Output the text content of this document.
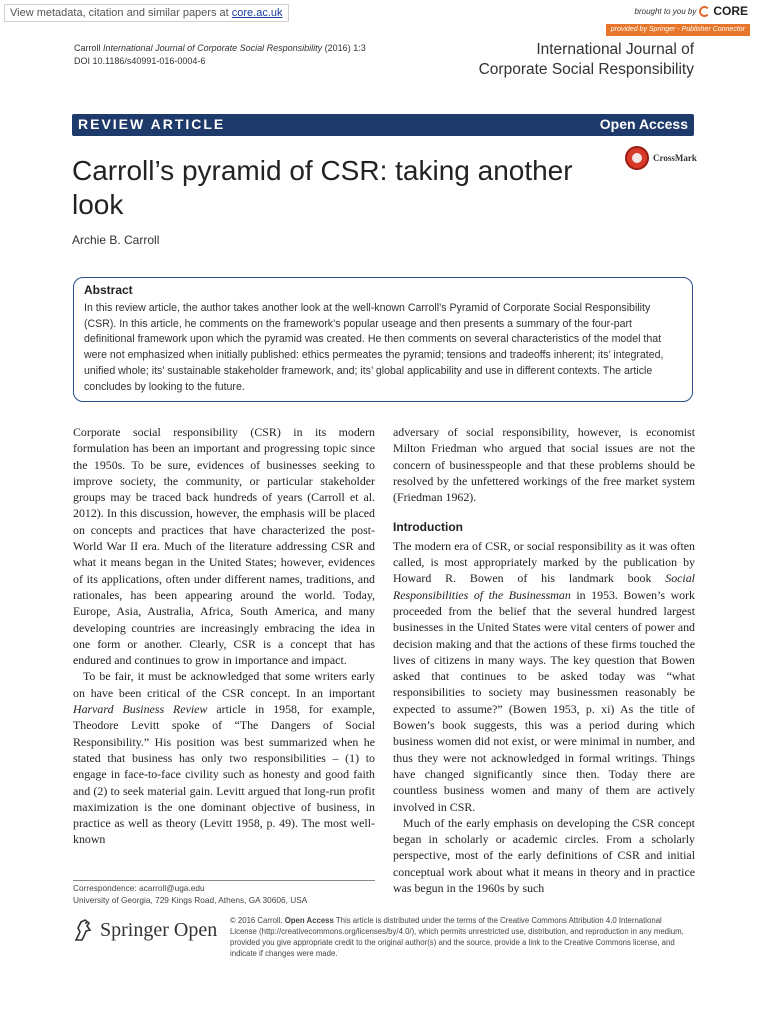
View metadata, citation and similar papers at core.ac.uk	brought to you by CORE
provided by Springer - Publisher Connector
Carroll International Journal of Corporate Social Responsibility (2016) 1:3
DOI 10.1186/s40991-016-0004-6
International Journal of
Corporate Social Responsibility
REVIEW ARTICLE	Open Access
Carroll’s pyramid of CSR: taking another look
CrossMark
Archie B. Carroll
Abstract
In this review article, the author takes another look at the well-known Carroll’s Pyramid of Corporate Social Responsibility (CSR). In this article, he comments on the framework’s popular useage and then presents a summary of the four-part definitional framework upon which the pyramid was created. He then comments on several characteristics of the model that were not emphasized when initially published: ethics permeates the pyramid; tensions and tradeoffs inherent; its’ integrated, unified whole; its’ sustainable stakeholder framework, and; its’ global applicability and use in different contexts. The article concludes by looking to the future.

Corporate social responsibility (CSR) in its modern formulation has been an important and progressing topic since the 1950s. To be sure, evidences of businesses seeking to improve society, the community, or particular stakeholder groups may be traced back hundreds of years (Carroll et al. 2012). In this discussion, however, the emphasis will be placed on concepts and practices that have characterized the post-World War II era. Much of the literature addressing CSR and what it means began in the United States; however, evidences of its applications, often under different names, traditions, and rationales, has been appearing around the world. Today, Europe, Asia, Australia, Africa, South America, and many developing countries are increasingly embracing the idea in one form or another. Clearly, CSR is a concept that has endured and continues to grow in importance and impact.

To be fair, it must be acknowledged that some writers early on have been critical of the CSR concept. In an important Harvard Business Review article in 1958, for example, Theodore Levitt spoke of “The Dangers of Social Responsibility.” His position was best summarized when he stated that business has only two responsibilities – (1) to engage in face-to-face civility such as honesty and good faith and (2) to seek material gain. Levitt argued that long-run profit maximization is the one dominant objective of business, in practice as well as theory (Levitt 1958, p. 49). The most well-known

adversary of social responsibility, however, is economist Milton Friedman who argued that social issues are not the concern of businesspeople and that these problems should be resolved by the unfettered workings of the free market system (Friedman 1962).

Introduction

The modern era of CSR, or social responsibility as it was often called, is most appropriately marked by the publication by Howard R. Bowen of his landmark book Social Responsibilities of the Businessman in 1953. Bowen’s work proceeded from the belief that the several hundred largest businesses in the United States were vital centers of power and decision making and that the actions of these firms touched the lives of citizens in many ways. The key question that Bowen asked that continues to be asked today was “what responsibilities to society may businessmen reasonably be expected to assume?” (Bowen 1953, p. xi) As the title of Bowen’s book suggests, this was a period during which business women did not exist, or were minimal in number, and thus they were not acknowledged in formal writings. Things have changed significantly since then. Today there are countless business women and many of them are actively involved in CSR.

Much of the early emphasis on developing the CSR concept began in scholarly or academic circles. From a scholarly perspective, most of the early definitions of CSR and initial conceptual work about what it means in theory and in practice was begun in the 1960s by such

Correspondence: acarroll@uga.edu
University of Georgia, 729 Kings Road, Athens, GA 30606, USA
Springer Open © 2016 Carroll. Open Access This article is distributed under the terms of the Creative Commons Attribution 4.0 International License (http://creativecommons.org/licenses/by/4.0/), which permits unrestricted use, distribution, and reproduction in any medium, provided you give appropriate credit to the original author(s) and the source, provide a link to the Creative Commons license, and indicate if changes were made.
